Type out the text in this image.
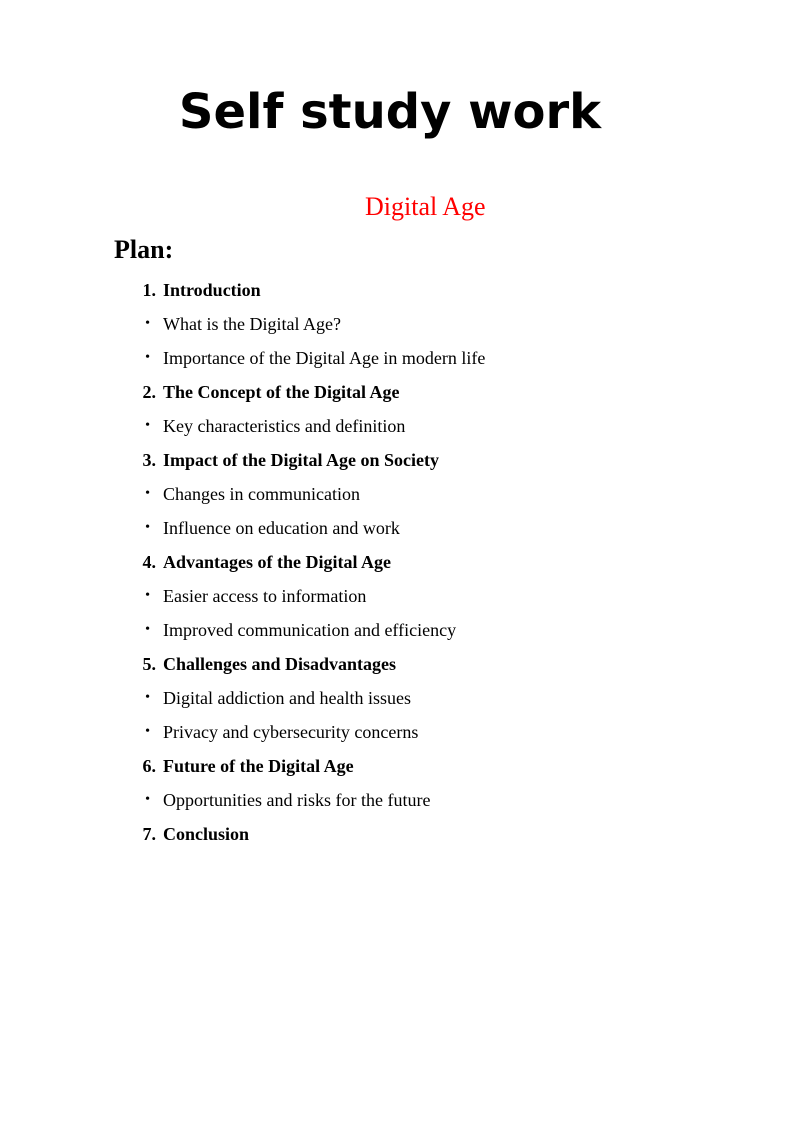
Self study work
Digital Age
Plan:
1. Introduction
• What is the Digital Age?
• Importance of the Digital Age in modern life
2. The Concept of the Digital Age
• Key characteristics and definition
3. Impact of the Digital Age on Society
• Changes in communication
• Influence on education and work
4. Advantages of the Digital Age
• Easier access to information
• Improved communication and efficiency
5. Challenges and Disadvantages
• Digital addiction and health issues
• Privacy and cybersecurity concerns
6. Future of the Digital Age
• Opportunities and risks for the future
7. Conclusion
